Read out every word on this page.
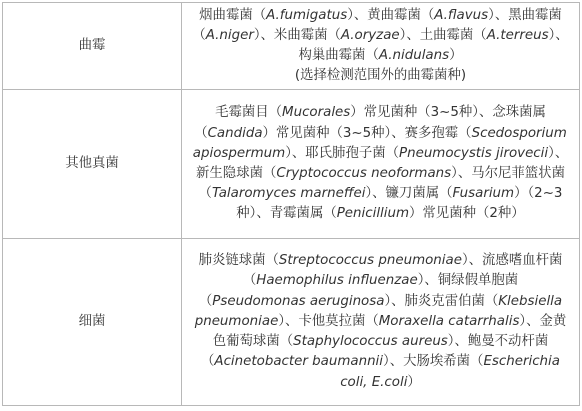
曲霉	烟曲霉菌（A.fumigatus）、黄曲霉菌（A.flavus）、黑曲霉菌（A.niger）、米曲霉菌（A.oryzae）、土曲霉菌（A.terreus）、构巢曲霉菌（A.nidulans）
(选择检测范围外的曲霉菌种)
其他真菌	毛霉菌目（Mucorales）常见菌种（3~5种）、念珠菌属（Candida）常见菌种（3~5种）、赛多孢霉（Scedosporium apiospermum）、耶氏肺孢子菌（Pneumocystis jirovecii）、新生隐球菌（Cryptococcus neoformans）、马尔尼菲篮状菌（Talaromyces marneffei）、镰刀菌属（Fusarium）（2~3种）、青霉菌属（Penicillium）常见菌种（2种）
细菌	肺炎链球菌（Streptococcus pneumoniae）、流感嗜血杆菌（Haemophilus influenzae）、铜绿假单胞菌（Pseudomonas aeruginosa）、肺炎克雷伯菌（Klebsiella pneumoniae）、卡他莫拉菌（Moraxella catarrhalis）、金黄色葡萄球菌（Staphylococcus aureus）、鲍曼不动杆菌（Acinetobacter baumannii）、大肠埃希菌（Escherichia coli, E.coli）
